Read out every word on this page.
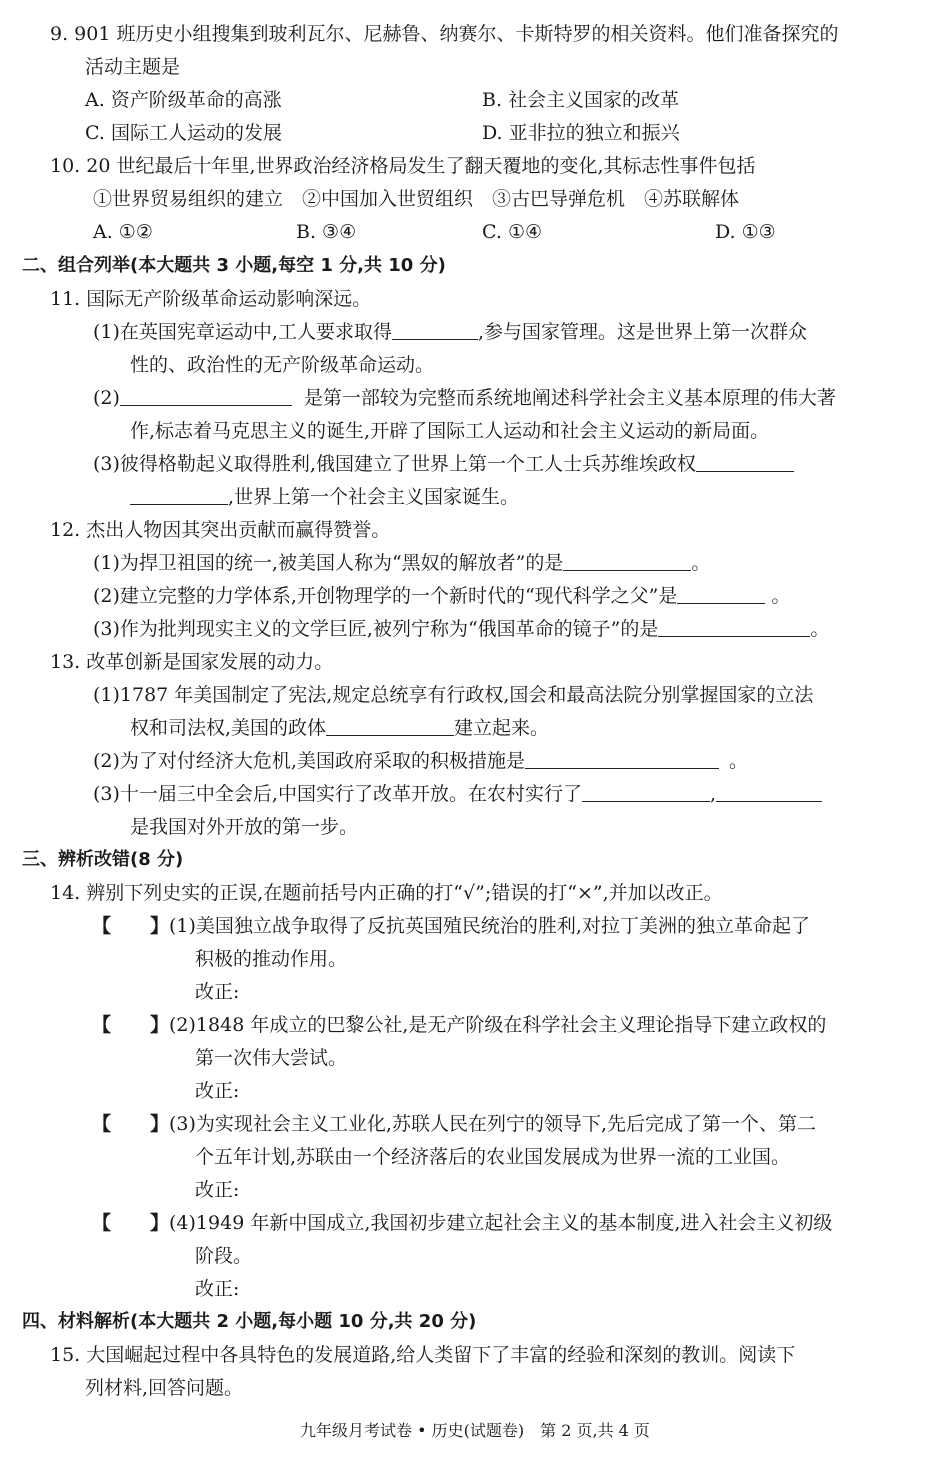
9. 901 班历史小组搜集到玻利瓦尔、尼赫鲁、纳赛尔、卡斯特罗的相关资料。他们准备探究的
活动主题是
A. 资产阶级革命的高涨	B. 社会主义国家的改革
C. 国际工人运动的发展	D. 亚非拉的独立和振兴
10. 20 世纪最后十年里,世界政治经济格局发生了翻天覆地的变化,其标志性事件包括
①世界贸易组织的建立　②中国加入世贸组织　③古巴导弹危机　④苏联解体
A. ①②	B. ③④	C. ①④	D. ①③
二、组合列举(本大题共 3 小题,每空 1 分,共 10 分)
11. 国际无产阶级革命运动影响深远。
(1)在英国宪章运动中,工人要求取得	,参与国家管理。这是世界上第一次群众
性的、政治性的无产阶级革命运动。
(2)	是第一部较为完整而系统地阐述科学社会主义基本原理的伟大著
作,标志着马克思主义的诞生,开辟了国际工人运动和社会主义运动的新局面。
(3)彼得格勒起义取得胜利,俄国建立了世界上第一个工人士兵苏维埃政权
,世界上第一个社会主义国家诞生。
12. 杰出人物因其突出贡献而赢得赞誉。
(1)为捍卫祖国的统一,被美国人称为“黑奴的解放者”的是	。
(2)建立完整的力学体系,开创物理学的一个新时代的“现代科学之父”是	。
(3)作为批判现实主义的文学巨匠,被列宁称为“俄国革命的镜子”的是	。
13. 改革创新是国家发展的动力。
(1)1787 年美国制定了宪法,规定总统享有行政权,国会和最高法院分别掌握国家的立法
权和司法权,美国的政体	建立起来。
(2)为了对付经济大危机,美国政府采取的积极措施是	。
(3)十一届三中全会后,中国实行了改革开放。在农村实行了	,
是我国对外开放的第一步。
三、辨析改错(8 分)
14. 辨别下列史实的正误,在题前括号内正确的打“√”;错误的打“×”,并加以改正。
【 】(1)美国独立战争取得了反抗英国殖民统治的胜利,对拉丁美洲的独立革命起了
积极的推动作用。
改正:
【 】(2)1848 年成立的巴黎公社,是无产阶级在科学社会主义理论指导下建立政权的
第一次伟大尝试。
改正:
【 】(3)为实现社会主义工业化,苏联人民在列宁的领导下,先后完成了第一个、第二
个五年计划,苏联由一个经济落后的农业国发展成为世界一流的工业国。
改正:
【 】(4)1949 年新中国成立,我国初步建立起社会主义的基本制度,进入社会主义初级
阶段。
改正:
四、材料解析(本大题共 2 小题,每小题 10 分,共 20 分)
15. 大国崛起过程中各具特色的发展道路,给人类留下了丰富的经验和深刻的教训。阅读下
列材料,回答问题。
九年级月考试卷 • 历史(试题卷)　第 2 页,共 4 页
